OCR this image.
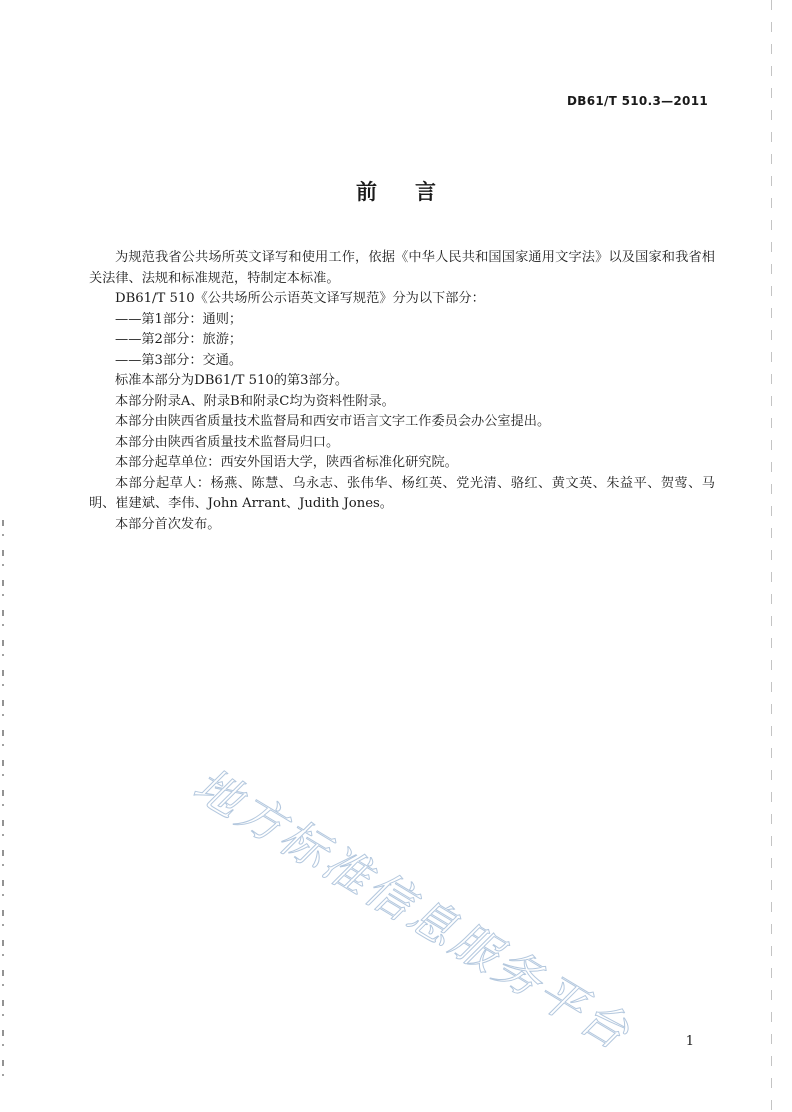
DB61/T 510.3—2011
前言

为规范我省公共场所英文译写和使用工作，依据《中华人民共和国国家通用文字法》以及国家和我省相关法律、法规和标准规范，特制定本标准。

DB61/T 510《公共场所公示语英文译写规范》分为以下部分：

——第1部分：通则；

——第2部分：旅游；

——第3部分：交通。

标准本部分为DB61/T 510的第3部分。

本部分附录A、附录B和附录C均为资料性附录。

本部分由陕西省质量技术监督局和西安市语言文字工作委员会办公室提出。

本部分由陕西省质量技术监督局归口。

本部分起草单位：西安外国语大学，陕西省标准化研究院。

本部分起草人：杨燕、陈慧、乌永志、张伟华、杨红英、党光清、骆红、黄文英、朱益平、贺莺、马明、崔建斌、李伟、John Arrant、Judith Jones。

本部分首次发布。

地方标准信息服务平台	1
